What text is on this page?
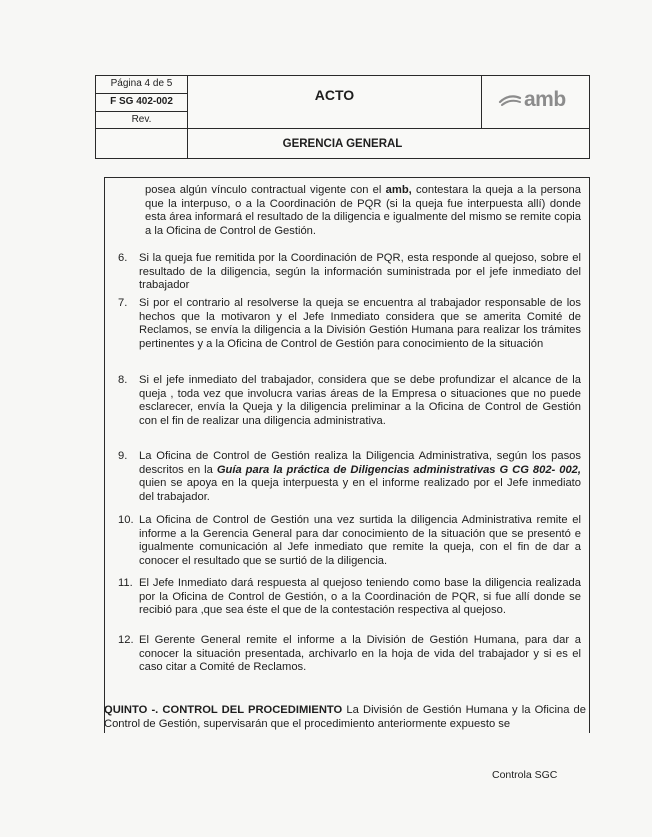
Página 4 de 5
F SG 402-002
Rev.
ACTO	amb
GERENCIA GENERAL
posea algún vínculo contractual vigente con el amb, contestara la queja a la persona que la interpuso, o a la Coordinación de PQR (si la queja fue interpuesta allí) donde esta área informará el resultado de la diligencia e igualmente del mismo se remite copia a la Oficina de Control de Gestión.
6. Si la queja fue remitida por la Coordinación de PQR, esta responde al quejoso, sobre el resultado de la diligencia, según la información suministrada por el jefe inmediato del trabajador
7. Si por el contrario al resolverse la queja se encuentra al trabajador responsable de los hechos que la motivaron y el Jefe Inmediato considera que se amerita Comité de Reclamos, se envía la diligencia a la División Gestión Humana para realizar los trámites pertinentes y a la Oficina de Control de Gestión para conocimiento de la situación
8. Si el jefe inmediato del trabajador, considera que se debe profundizar el alcance de la queja , toda vez que involucra varias áreas de la Empresa o situaciones que no puede esclarecer, envía la Queja y la diligencia preliminar a la Oficina de Control de Gestión con el fin de realizar una diligencia administrativa.
9. La Oficina de Control de Gestión realiza la Diligencia Administrativa, según los pasos descritos en la Guía para la práctica de Diligencias administrativas G CG 802- 002, quien se apoya en la queja interpuesta y en el informe realizado por el Jefe inmediato del trabajador.
10. La Oficina de Control de Gestión una vez surtida la diligencia Administrativa remite el informe a la Gerencia General para dar conocimiento de la situación que se presentó e igualmente comunicación al Jefe inmediato que remite la queja, con el fin de dar a conocer el resultado que se surtió de la diligencia.
11. El Jefe Inmediato dará respuesta al quejoso teniendo como base la diligencia realizada por la Oficina de Control de Gestión, o a la Coordinación de PQR, si fue allí donde se recibió para ,que sea éste el que de la contestación respectiva al quejoso.
12. El Gerente General remite el informe a la División de Gestión Humana, para dar a conocer la situación presentada, archivarlo en la hoja de vida del trabajador y si es el caso citar a Comité de Reclamos.
QUINTO -. CONTROL DEL PROCEDIMIENTO La División de Gestión Humana y la Oficina de Control de Gestión, supervisarán que el procedimiento anteriormente expuesto se
Controla SGC
